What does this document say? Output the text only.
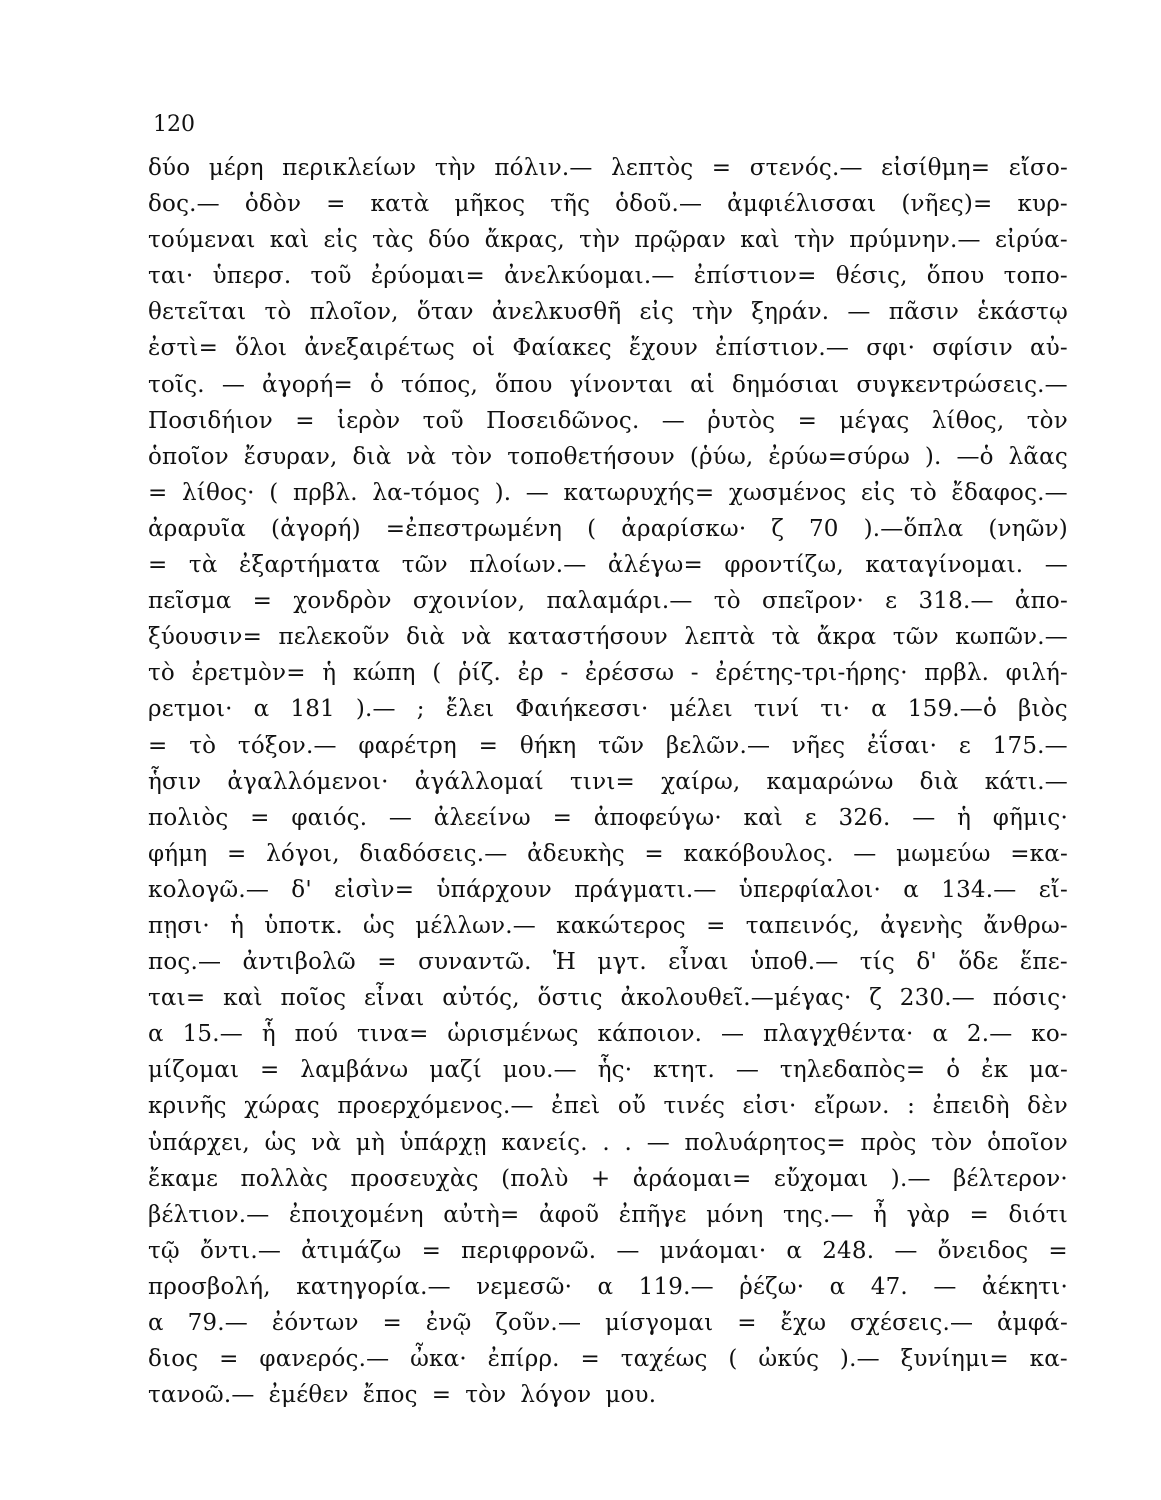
120
δύο μέρη περικλείων τὴν πόλιν.— λεπτὸς = στενός.— εἰσίθμη= εἴσο-
δος.— ὁδὸν = κατὰ μῆκος τῆς ὁδοῦ.— ἀμφιέλισσαι (νῆες)= κυρ-
τούμεναι καὶ εἰς τὰς δύο ἄκρας, τὴν πρῷραν καὶ τὴν πρύμνην.— εἰρύα-
ται· ὑπερσ. τοῦ ἐρύομαι= ἀνελκύομαι.— ἐπίστιον= θέσις, ὅπου τοπο-
θετεῖται τὸ πλοῖον, ὅταν ἀνελκυσθῆ εἰς τὴν ξηράν. — πᾶσιν ἑκάστῳ
ἐστὶ= ὅλοι ἀνεξαιρέτως οἱ Φαίακες ἔχουν ἐπίστιον.— σφι· σφίσιν αὐ-
τοῖς. — ἀγορή= ὁ τόπος, ὅπου γίνονται αἱ δημόσιαι συγκεντρώσεις.—
Ποσιδήιον = ἱερὸν τοῦ Ποσειδῶνος. — ῥυτὸς = μέγας λίθος, τὸν
ὁποῖον ἔσυραν, διὰ νὰ τὸν τοποθετήσουν (ῥύω, ἐρύω=σύρω ). —ὁ λᾶας
= λίθος· ( πρβλ. λα-τόμος ). — κατωρυχής= χωσμένος εἰς τὸ ἔδαφος.—
ἀραρυῖα (ἀγορή) =ἐπεστρωμένη ( ἀραρίσκω· ζ 70 ).—ὅπλα (νηῶν)
= τὰ ἐξαρτήματα τῶν πλοίων.— ἀλέγω= φροντίζω, καταγίνομαι. —
πεῖσμα = χονδρὸν σχοινίον, παλαμάρι.— τὸ σπεῖρον· ε 318.— ἀπο-
ξύουσιν= πελεκοῦν διὰ νὰ καταστήσουν λεπτὰ τὰ ἄκρα τῶν κωπῶν.—
τὸ ἐρετμὸν= ἡ κώπη ( ῥίζ. ἐρ - ἐρέσσω - ἐρέτης-τρι-ήρης· πρβλ. φιλή-
ρετμοι· α 181 ).— ; ἔλει Φαιήκεσσι· μέλει τινί τι· α 159.—ὁ βιὸς
= τὸ τόξον.— φαρέτρη = θήκη τῶν βελῶν.— νῆες ἐΐσαι· ε 175.—
ἧσιν ἀγαλλόμενοι· ἀγάλλομαί τινι= χαίρω, καμαρώνω διὰ κάτι.—
πολιὸς = φαιός. — ἀλεείνω = ἀποφεύγω· καὶ ε 326. — ἡ φῆμις·
φήμη = λόγοι, διαδόσεις.— ἀδευκὴς = κακόβουλος. — μωμεύω =κα-
κολογῶ.— δ' εἰσὶν= ὑπάρχουν πράγματι.— ὑπερφίαλοι· α 134.— εἴ-
πῃσι· ἡ ὑποτκ. ὡς μέλλων.— κακώτερος = ταπεινός, ἀγενὴς ἄνθρω-
πος.— ἀντιβολῶ = συναντῶ. Ἡ μγτ. εἶναι ὑποθ.— τίς δ' ὅδε ἕπε-
ται= καὶ ποῖος εἶναι αὐτός, ὅστις ἀκολουθεῖ.—μέγας· ζ 230.— πόσις·
α 15.— ἧ πού τινα= ὡρισμένως κάποιον. — πλαγχθέντα· α 2.— κο-
μίζομαι = λαμβάνω μαζί μου.— ἧς· κτητ. — τηλεδαπὸς= ὁ ἐκ μα-
κρινῆς χώρας προερχόμενος.— ἐπεὶ οὔ τινές εἰσι· εἴρων. : ἐπειδὴ δὲν
ὑπάρχει, ὡς νὰ μὴ ὑπάρχῃ κανείς. . . — πολυάρητος= πρὸς τὸν ὁποῖον
ἔκαμε πολλὰς προσευχὰς (πολὺ + ἀράομαι= εὔχομαι ).— βέλτερον·
βέλτιον.— ἐποιχομένη αὐτὴ= ἀφοῦ ἐπῆγε μόνη της.— ἦ γὰρ = διότι
τῷ ὄντι.— ἀτιμάζω = περιφρονῶ. — μνάομαι· α 248. — ὄνειδος =
προσβολή, κατηγορία.— νεμεσῶ· α 119.— ῥέζω· α 47. — ἀέκητι·
α 79.— ἐόντων = ἐνῷ ζοῦν.— μίσγομαι = ἔχω σχέσεις.— ἀμφά-
διος = φανερός.— ὦκα· ἐπίρρ. = ταχέως ( ὠκύς ).— ξυνίημι= κα-
τανοῶ.— ἐμέθεν ἔπος = τὸν λόγον μου.
